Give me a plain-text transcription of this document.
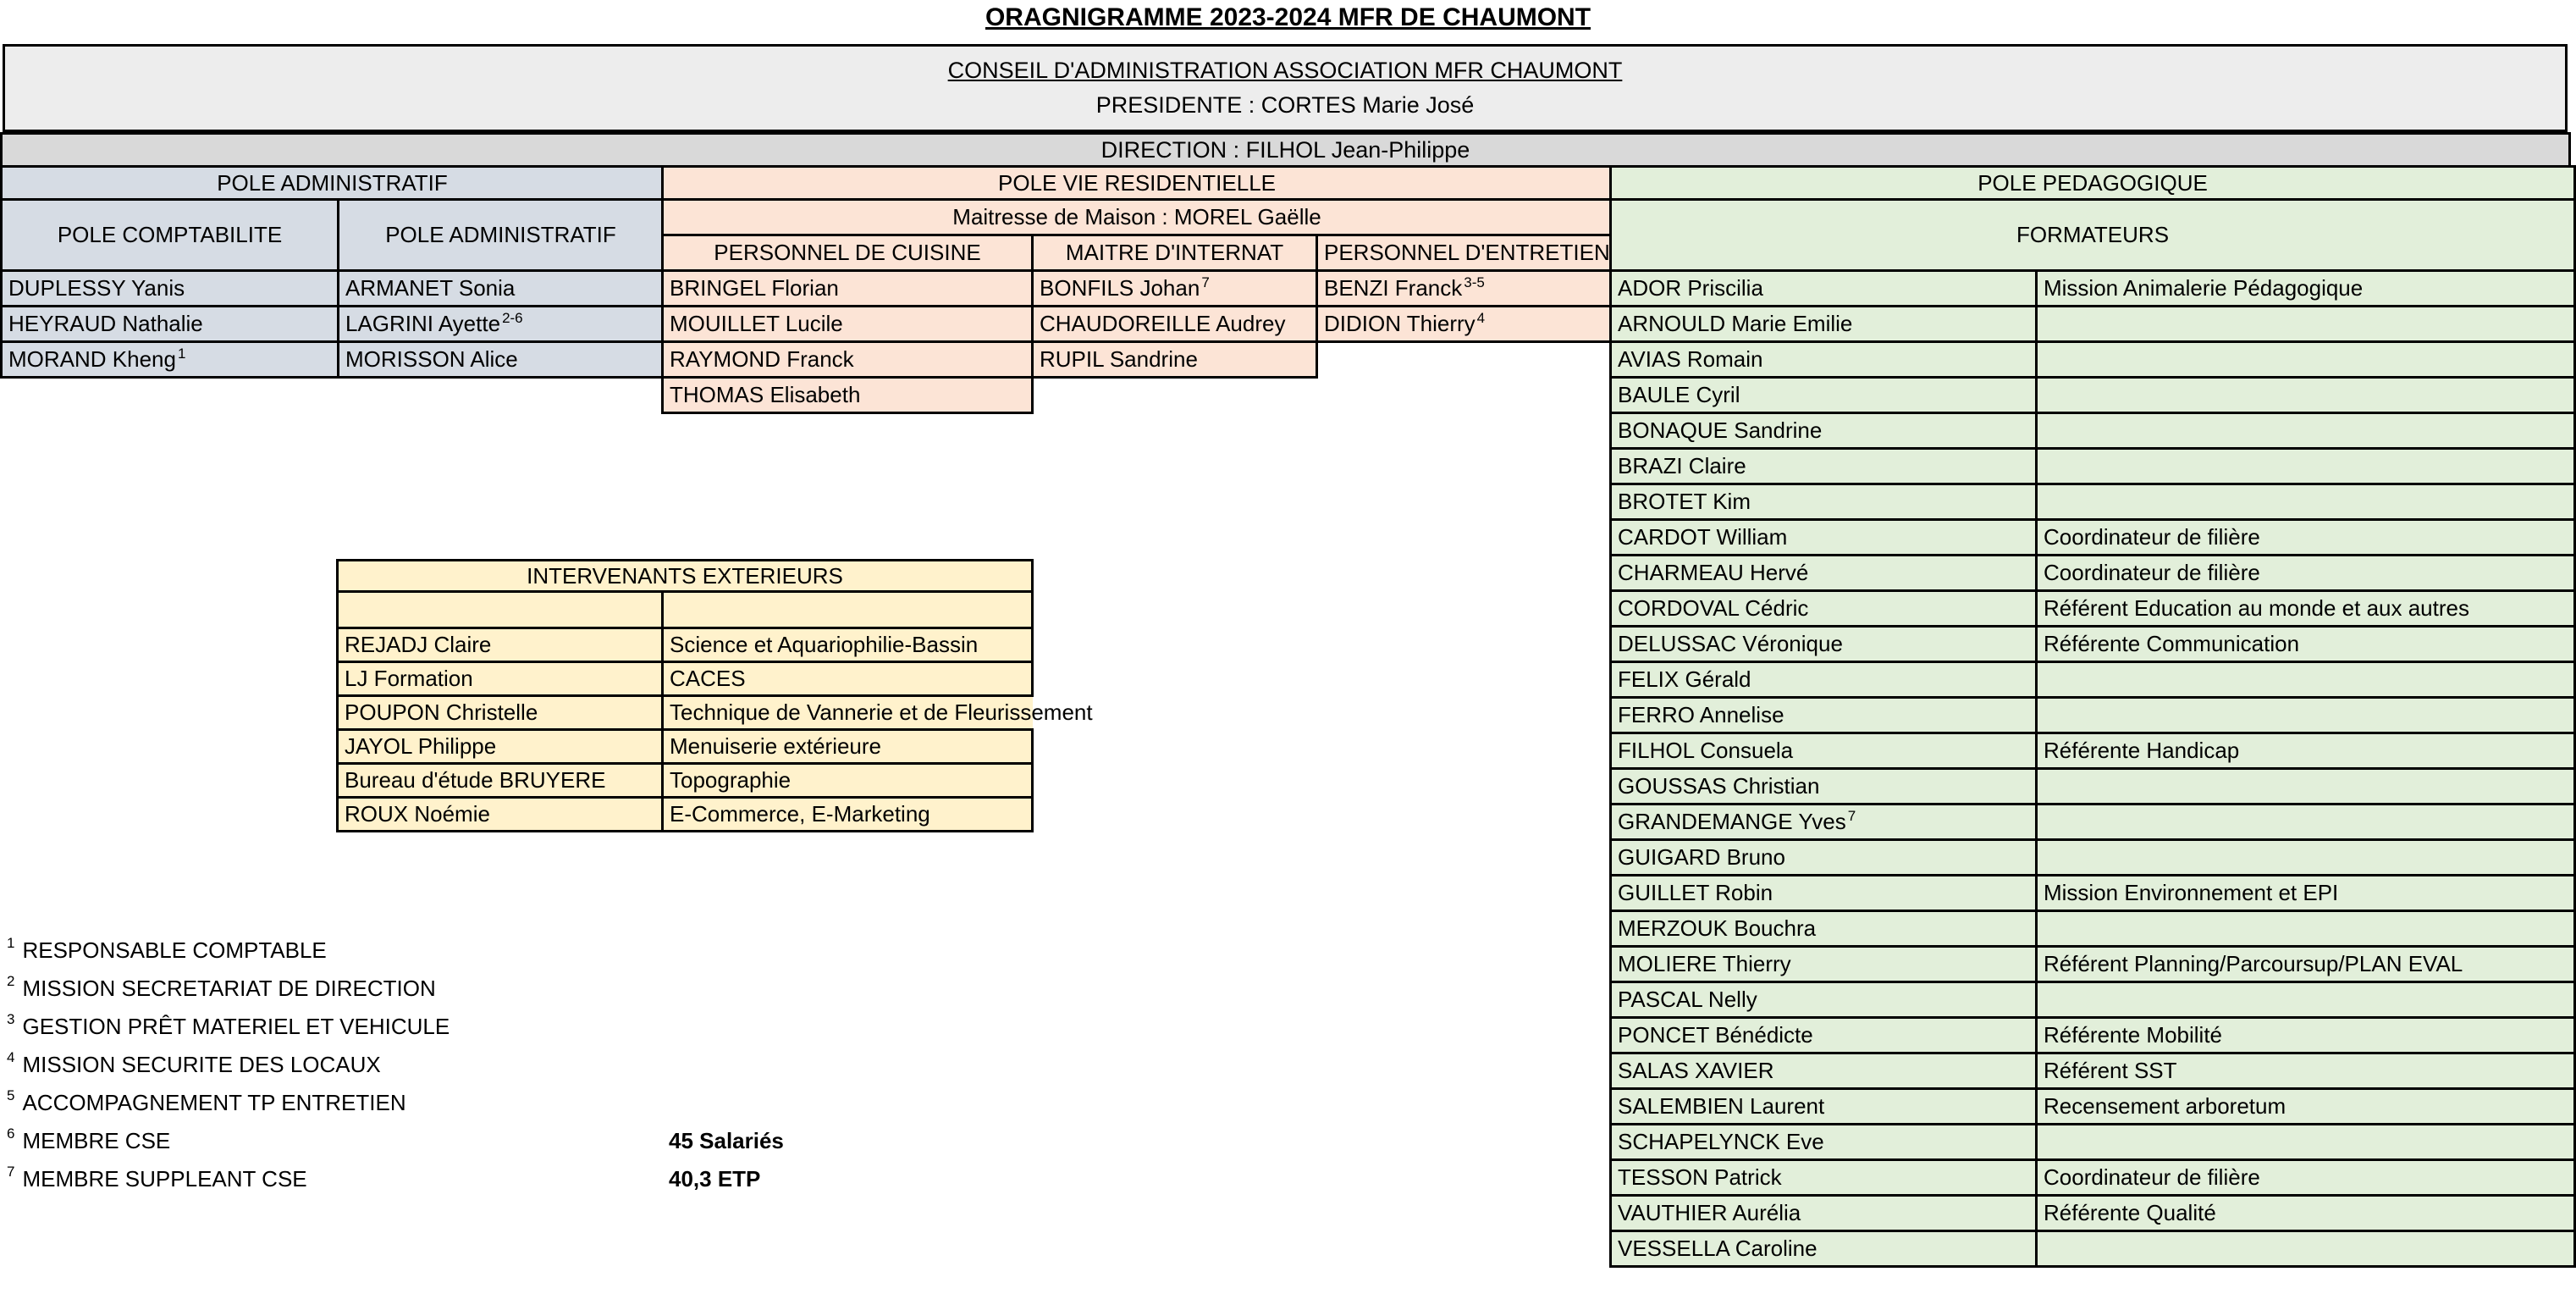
ORAGNIGRAMME 2023-2024 MFR DE CHAUMONT
CONSEIL D'ADMINISTRATION ASSOCIATION MFR CHAUMONT
PRESIDENTE : CORTES Marie José
DIRECTION : FILHOL Jean-Philippe
POLE ADMINISTRATIF	
POLE COMPTABILITE	POLE ADMINISTRATIF
DUPLESSY Yanis	ARMANET Sonia
HEYRAUD Nathalie	LAGRINI Ayette $^{2-6}$
MORAND Kheng $^1$	MORISSON Alice
POLE VIE RESIDENTIELLE		
Maitresse de Maison : MOREL Gaëlle		
PERSONNEL DE CUISINE	MAITRE D'INTERNAT	PERSONNEL D'ENTRETIEN
BRINGEL Florian	BONFILS Johan $^7$	BENZI Franck $^{3-5}$
MOUILLET Lucile	CHAUDOREILLE Audrey	DIDION Thierry $^4$
RAYMOND Franck	RUPIL Sandrine	
THOMAS Elisabeth		
POLE PEDAGOGIQUE	
FORMATEURS	
ADOR Priscilia	Mission Animalerie Pédagogique
ARNOULD Marie Emilie	
AVIAS Romain	
BAULE Cyril	
BONAQUE Sandrine	
BRAZI Claire	
BROTET Kim	
CARDOT William	Coordinateur de filière
CHARMEAU Hervé	Coordinateur de filière
CORDOVAL Cédric	Référent Education au monde et aux autres
DELUSSAC Véronique	Référente Communication
FELIX Gérald	
FERRO Annelise	
FILHOL Consuela	Référente Handicap
GOUSSAS Christian	
GRANDEMANGE Yves $^7$	
GUIGARD Bruno	
GUILLET Robin	Mission Environnement et EPI
MERZOUK Bouchra	
MOLIERE Thierry	Référent Planning/Parcoursup/PLAN EVAL
PASCAL Nelly	
PONCET Bénédicte	Référente Mobilité
SALAS XAVIER	Référent SST
SALEMBIEN Laurent	Recensement arboretum
SCHAPELYNCK Eve	
TESSON Patrick	Coordinateur de filière
VAUTHIER Aurélia	Référente Qualité
VESSELLA Caroline	
INTERVENANTS EXTERIEURS	

REJADJ Claire	Science et Aquariophilie-Bassin
LJ Formation	CACES
POUPON Christelle	Technique de Vannerie et de Fleurissement
JAYOL Philippe	Menuiserie extérieure
Bureau d'étude BRUYERE	Topographie
ROUX Noémie	E-Commerce, E-Marketing
1 RESPONSABLE COMPTABLE
2 MISSION SECRETARIAT DE DIRECTION
3 GESTION PRÊT MATERIEL ET VEHICULE
4 MISSION SECURITE DES LOCAUX
5 ACCOMPAGNEMENT TP ENTRETIEN
6 MEMBRE CSE
7 MEMBRE SUPPLEANT CSE
45 Salariés
40,3 ETP
